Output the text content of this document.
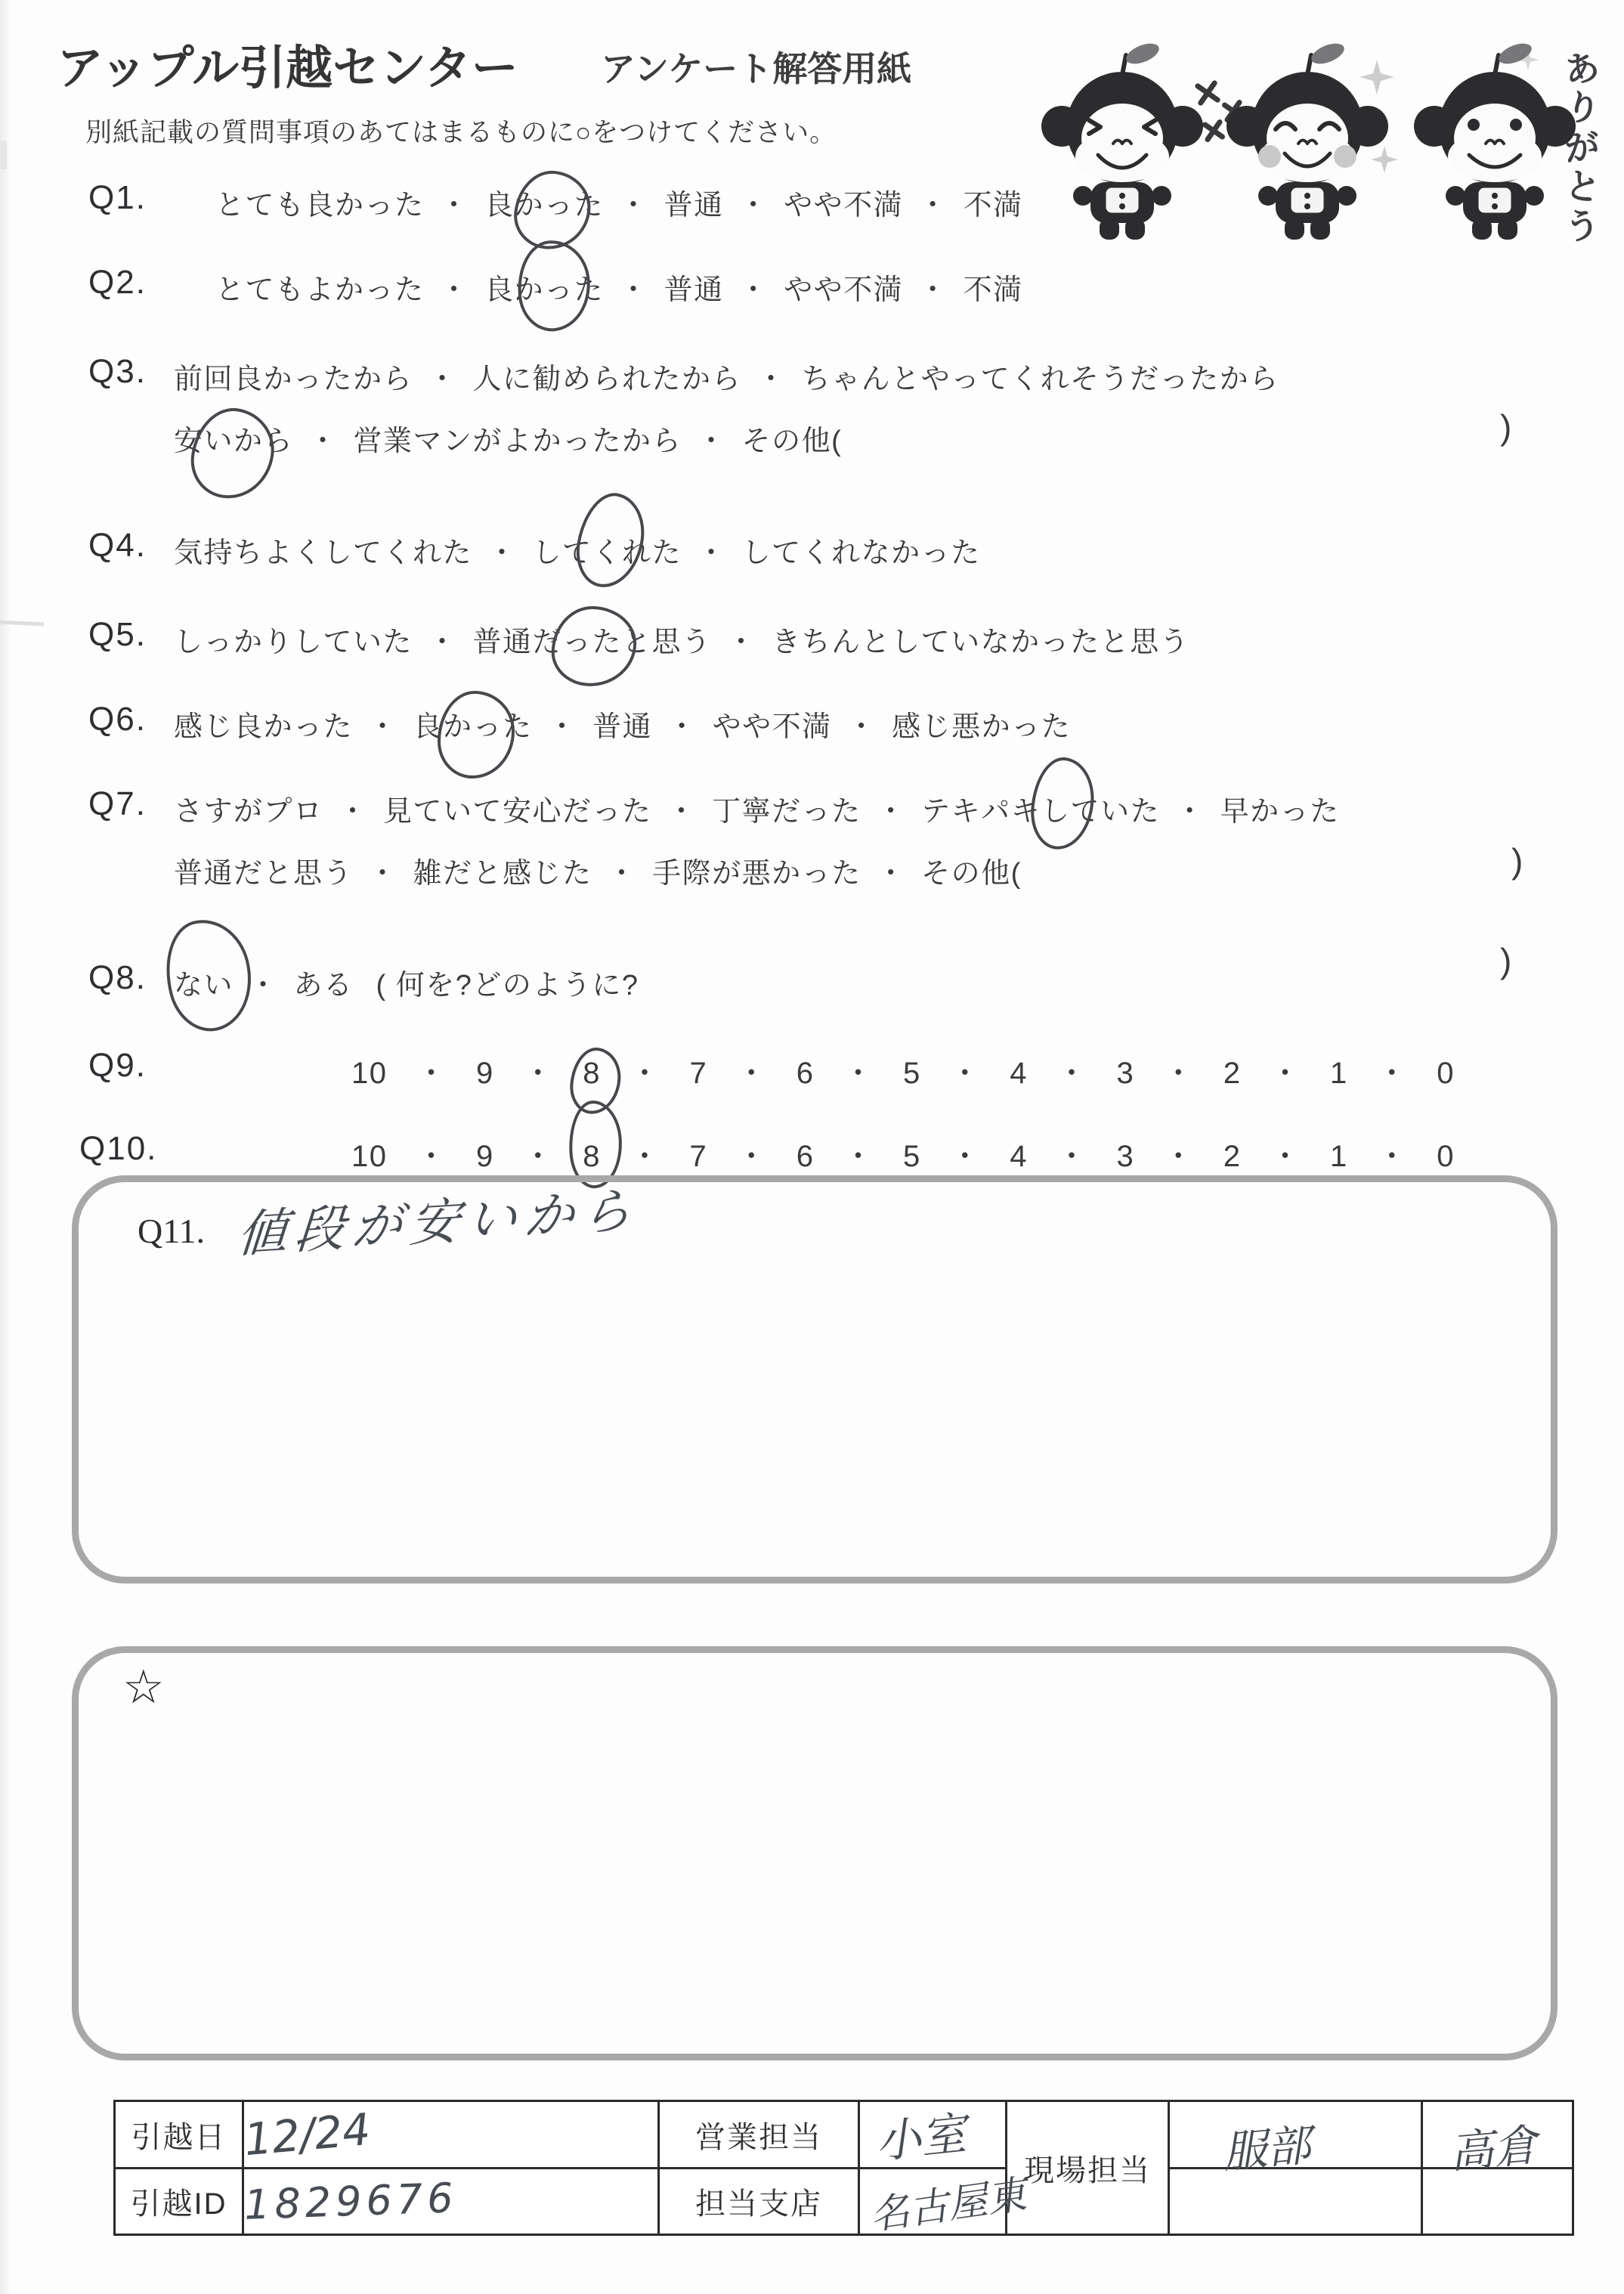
アップル引越センター アンケート解答用紙
別紙記載の質問事項のあてはまるものに○をつけてください。
あ
り
が
と
う
Q1. とても良かった ・ 良かった ・ 普通 ・ やや不満 ・ 不満
Q2. とてもよかった ・ 良かった ・ 普通 ・ やや不満 ・ 不満
Q3. 前回良かったから ・ 人に勧められたから ・ ちゃんとやってくれそうだったから
安いから ・ 営業マンがよかったから ・ その他(	)
Q4. 気持ちよくしてくれた ・ してくれた ・ してくれなかった
Q5. しっかりしていた ・ 普通だったと思う ・ きちんとしていなかったと思う
Q6. 感じ良かった ・ 良かった ・ 普通 ・ やや不満 ・ 感じ悪かった
Q7. さすがプロ ・ 見ていて安心だった ・ 丁寧だった ・ テキパキしていた ・ 早かった
普通だと思う ・ 雑だと感じた ・ 手際が悪かった ・ その他(	)
Q8. ない ・ ある ( 何を?どのように?
)
Q9.	10 ・ 9 ・ 8 ・ 7 ・ 6 ・ 5 ・ 4 ・ 3 ・ 2 ・ 1 ・ 0
Q10.	10 ・ 9 ・ 8 ・ 7 ・ 6 ・ 5 ・ 4 ・ 3 ・ 2 ・ 1 ・ 0
Q11. 値段が安いから
☆
引越日	12/24	営業担当	小室	現場担当	服部	高倉
引越ID	1829676	担当支店	名古屋東			
